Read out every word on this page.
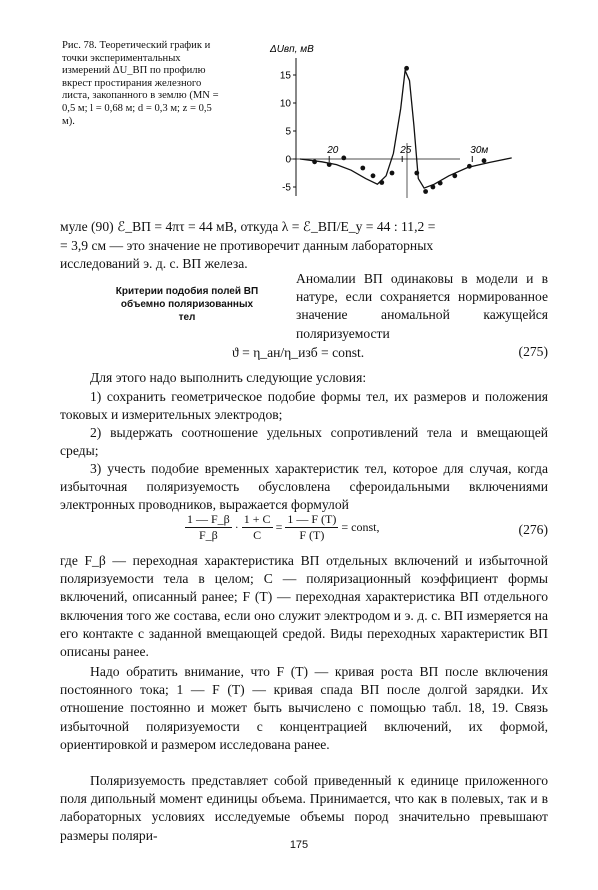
Рис. 78. Теоретический график и точки экспериментальных измерений ΔU_ВП по профилю вкрест простирания железного листа, закопанного в землю (MN = 0,5 м; l = 0,68 м; d = 0,3 м; z = 0,5 м).
ΔUвп, мВ
15
10
5
0
-5
20	25	30м
муле (90) ℰ_ВП = 4πτ = 44 мВ, откуда λ = ℰ_ВП/E_у = 44 : 11,2 =
= 3,9 см — это значение не противоречит данным лабораторных
исследований э. д. с. ВП железа.
Критерии подобия полей ВП объемно поляризованных тел
Аномалии ВП одинаковы в модели и в натуре, если сохраняется нормированное значение аномальной кажущейся поляризуемости
ϑ = η_ан/η_изб = const.	(275)
Для этого надо выполнить следующие условия:
1) сохранить геометрическое подобие формы тел, их размеров и положения токовых и измерительных электродов;
2) выдержать соотношение удельных сопротивлений тела и вмещающей среды;
3) учесть подобие временных характеристик тел, которое для случая, когда избыточная поляризуемость обусловлена сфероидальными включениями электронных проводников, выражается формулой
$\frac{1 — F\_\beta}{F\_\beta} \cdot \frac{1 + C}{C} = \frac{1 — F (T)}{F (T)}$ = const,	(276)
где F_β — переходная характеристика ВП отдельных включений и избыточной поляризуемости тела в целом; C — поляризационный коэффициент формы включений, описанный ранее; F (T) — переходная характеристика ВП отдельного включения того же состава, если оно служит электродом и э. д. с. ВП измеряется на его контакте с заданной вмещающей средой. Виды переходных характеристик ВП описаны ранее.
Надо обратить внимание, что F (T) — кривая роста ВП после включения постоянного тока; 1 — F (T) — кривая спада ВП после долгой зарядки. Их отношение постоянно и может быть вычислено с помощью табл. 18, 19. Связь избыточной поляризуемости с концентрацией включений, их формой, ориентировкой и размером исследована ранее.
Поляризуемость представляет собой приведенный к единице приложенного поля дипольный момент единицы объема. Принимается, что как в полевых, так и в лабораторных условиях исследуемые объемы пород значительно превышают размеры поляри-
175
